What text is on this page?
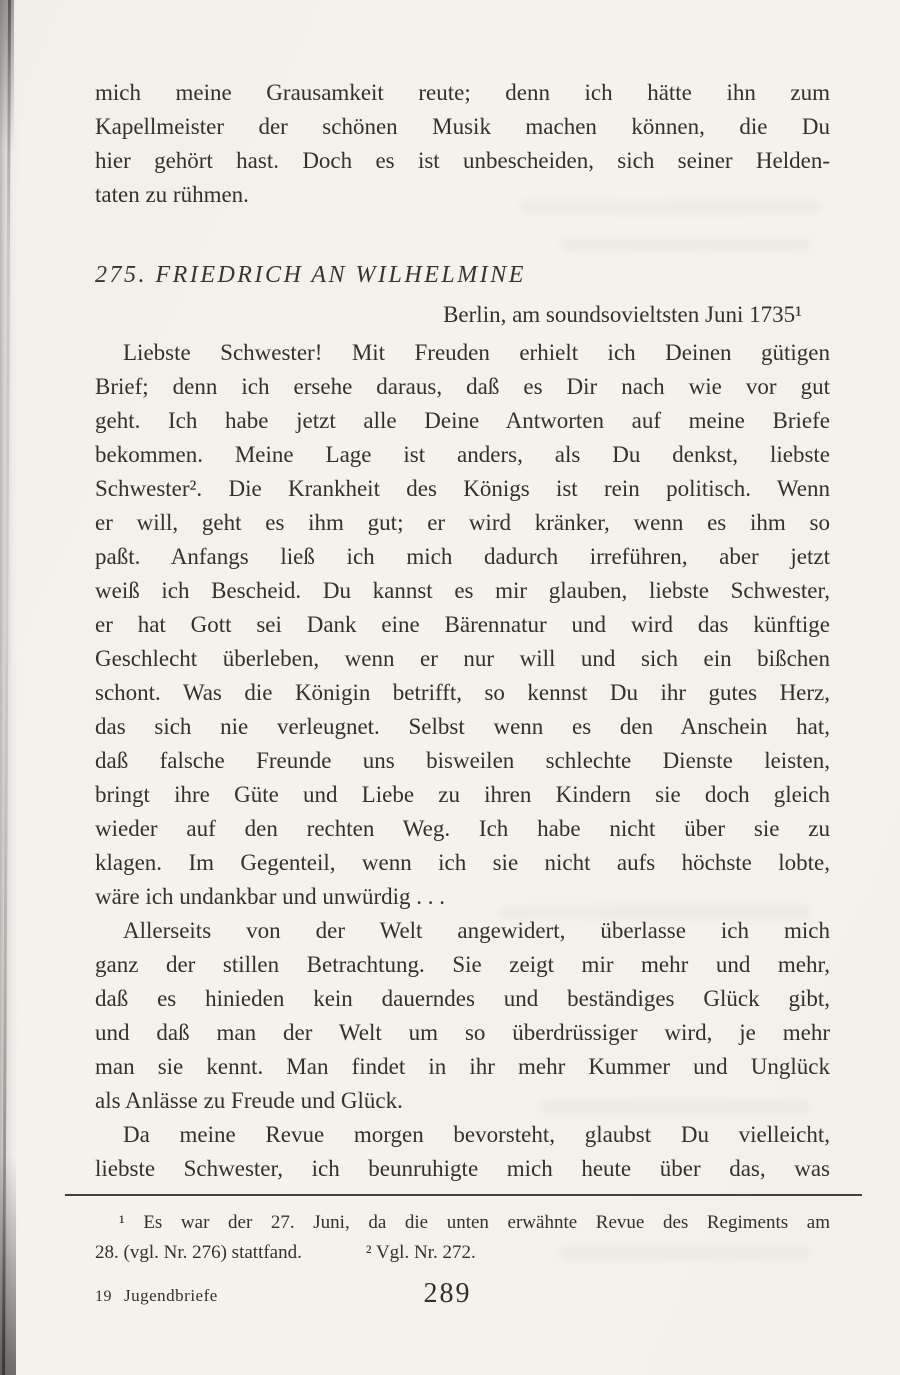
mich meine Grausamkeit reute; denn ich hätte ihn zum
Kapellmeister der schönen Musik machen können, die Du
hier gehört hast. Doch es ist unbescheiden, sich seiner Helden-
taten zu rühmen.
275. FRIEDRICH AN WILHELMINE
Berlin, am soundsovieltsten Juni 1735¹
Liebste Schwester! Mit Freuden erhielt ich Deinen gütigen
Brief; denn ich ersehe daraus, daß es Dir nach wie vor gut
geht. Ich habe jetzt alle Deine Antworten auf meine Briefe
bekommen. Meine Lage ist anders, als Du denkst, liebste
Schwester². Die Krankheit des Königs ist rein politisch. Wenn
er will, geht es ihm gut; er wird kränker, wenn es ihm so
paßt. Anfangs ließ ich mich dadurch irreführen, aber jetzt
weiß ich Bescheid. Du kannst es mir glauben, liebste Schwester,
er hat Gott sei Dank eine Bärennatur und wird das künftige
Geschlecht überleben, wenn er nur will und sich ein bißchen
schont. Was die Königin betrifft, so kennst Du ihr gutes Herz,
das sich nie verleugnet. Selbst wenn es den Anschein hat,
daß falsche Freunde uns bisweilen schlechte Dienste leisten,
bringt ihre Güte und Liebe zu ihren Kindern sie doch gleich
wieder auf den rechten Weg. Ich habe nicht über sie zu
klagen. Im Gegenteil, wenn ich sie nicht aufs höchste lobte,
wäre ich undankbar und unwürdig . . .
Allerseits von der Welt angewidert, überlasse ich mich
ganz der stillen Betrachtung. Sie zeigt mir mehr und mehr,
daß es hinieden kein dauerndes und beständiges Glück gibt,
und daß man der Welt um so überdrüssiger wird, je mehr
man sie kennt. Man findet in ihr mehr Kummer und Unglück
als Anlässe zu Freude und Glück.
Da meine Revue morgen bevorsteht, glaubst Du vielleicht,
liebste Schwester, ich beunruhigte mich heute über das, was
¹ Es war der 27. Juni, da die unten erwähnte Revue des Regiments am
28. (vgl. Nr. 276) stattfand.	² Vgl. Nr. 272.
19 Jugendbriefe	289
